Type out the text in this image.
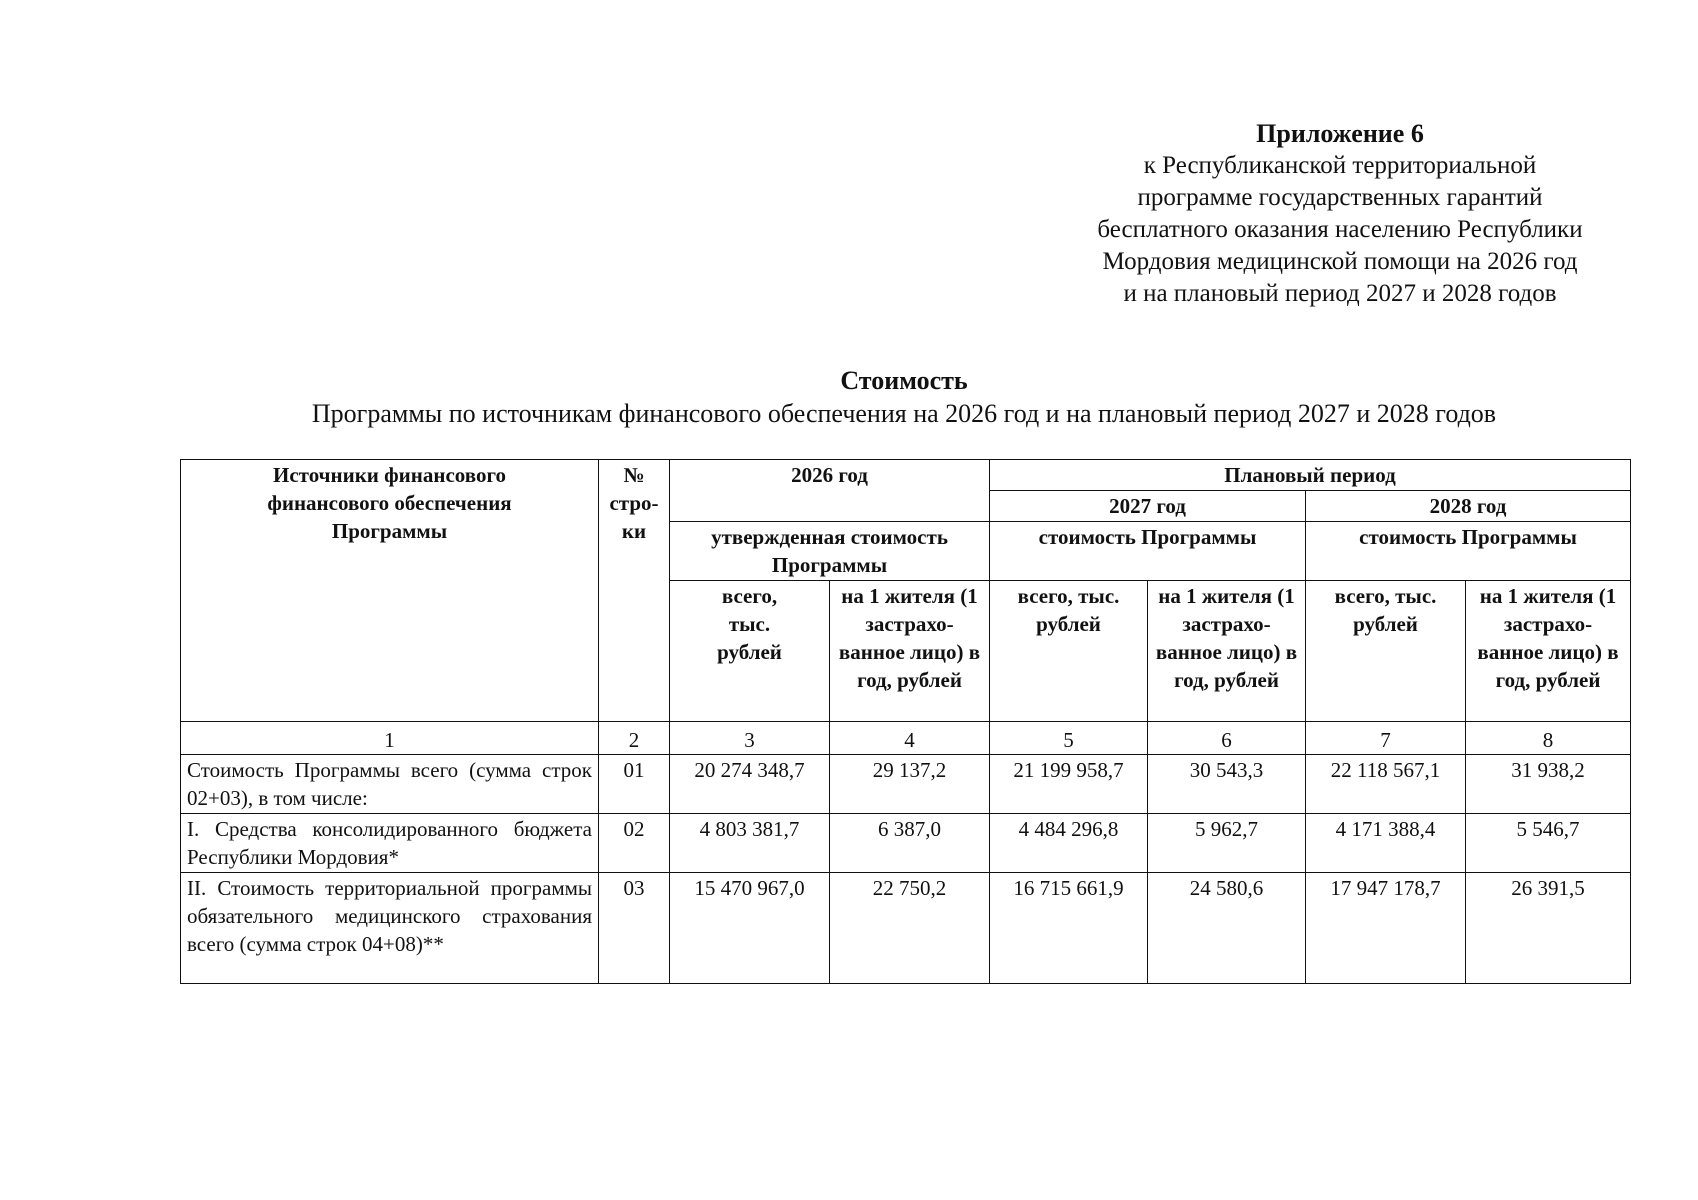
Приложение 6
к Республиканской территориальной
программе государственных гарантий
бесплатного оказания населению Республики
Мордовия медицинской помощи на 2026 год
и на плановый период 2027 и 2028 годов
Стоимость
Программы по источникам финансового обеспечения на 2026 год и на плановый период 2027 и 2028 годов
Источники финансового финансового обеспечения Программы	№ стро-ки	2026 год		Плановый период			
				2027 год		2028 год	
		утвержденная стоимость Программы		стоимость Программы		стоимость Программы	
		всего, тыс. рублей	на 1 жителя (1 застрахо-ванное лицо) в год, рублей	всего, тыс. рублей	на 1 жителя (1 застрахо-ванное лицо) в год, рублей	всего, тыс. рублей	на 1 жителя (1 застрахо-ванное лицо) в год, рублей
1	2	3	4	5	6	7	8
Стоимость Программы всего (сумма строк 02+03), в том числе:	01	20 274 348,7	29 137,2	21 199 958,7	30 543,3	22 118 567,1	31 938,2
I. Средства консолидированного бюджета Республики Мордовия*	02	4 803 381,7	6 387,0	4 484 296,8	5 962,7	4 171 388,4	5 546,7
II. Стоимость территориальной программы обязательного медицинского страхования всего (сумма строк 04+08)**	03	15 470 967,0	22 750,2	16 715 661,9	24 580,6	17 947 178,7	26 391,5
